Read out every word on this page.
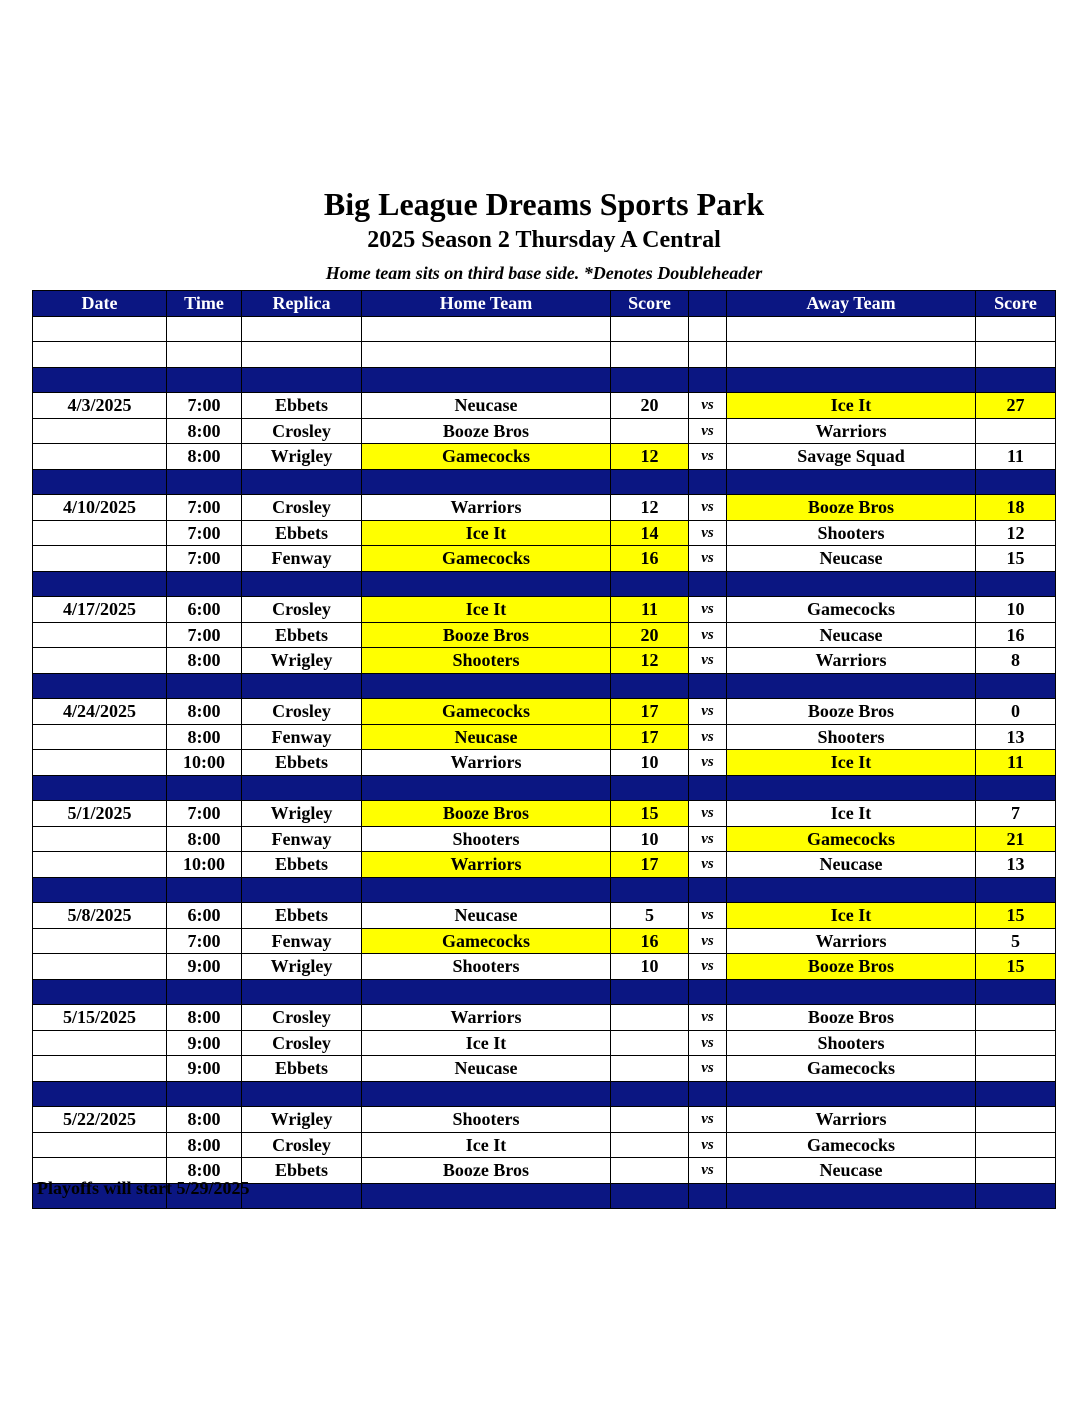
Big League Dreams Sports Park
2025 Season 2 Thursday A Central
Home team sits on third base side. *Denotes Doubleheader
Date	Time	Replica	Home Team	Score		Away Team	Score

4/3/2025	7:00	Ebbets	Neucase	20	vs	Ice It	27
	8:00	Crosley	Booze Bros		vs	Warriors	
	8:00	Wrigley	Gamecocks	12	vs	Savage Squad	11

4/10/2025	7:00	Crosley	Warriors	12	vs	Booze Bros	18
	7:00	Ebbets	Ice It	14	vs	Shooters	12
	7:00	Fenway	Gamecocks	16	vs	Neucase	15

4/17/2025	6:00	Crosley	Ice It	11	vs	Gamecocks	10
	7:00	Ebbets	Booze Bros	20	vs	Neucase	16
	8:00	Wrigley	Shooters	12	vs	Warriors	8

4/24/2025	8:00	Crosley	Gamecocks	17	vs	Booze Bros	0
	8:00	Fenway	Neucase	17	vs	Shooters	13
	10:00	Ebbets	Warriors	10	vs	Ice It	11

5/1/2025	7:00	Wrigley	Booze Bros	15	vs	Ice It	7
	8:00	Fenway	Shooters	10	vs	Gamecocks	21
	10:00	Ebbets	Warriors	17	vs	Neucase	13

5/8/2025	6:00	Ebbets	Neucase	5	vs	Ice It	15
	7:00	Fenway	Gamecocks	16	vs	Warriors	5
	9:00	Wrigley	Shooters	10	vs	Booze Bros	15

5/15/2025	8:00	Crosley	Warriors		vs	Booze Bros	
	9:00	Crosley	Ice It		vs	Shooters	
	9:00	Ebbets	Neucase		vs	Gamecocks	

5/22/2025	8:00	Wrigley	Shooters		vs	Warriors	
	8:00	Crosley	Ice It		vs	Gamecocks	
	8:00	Ebbets	Booze Bros		vs	Neucase	

Playoffs will start 5/29/2025
